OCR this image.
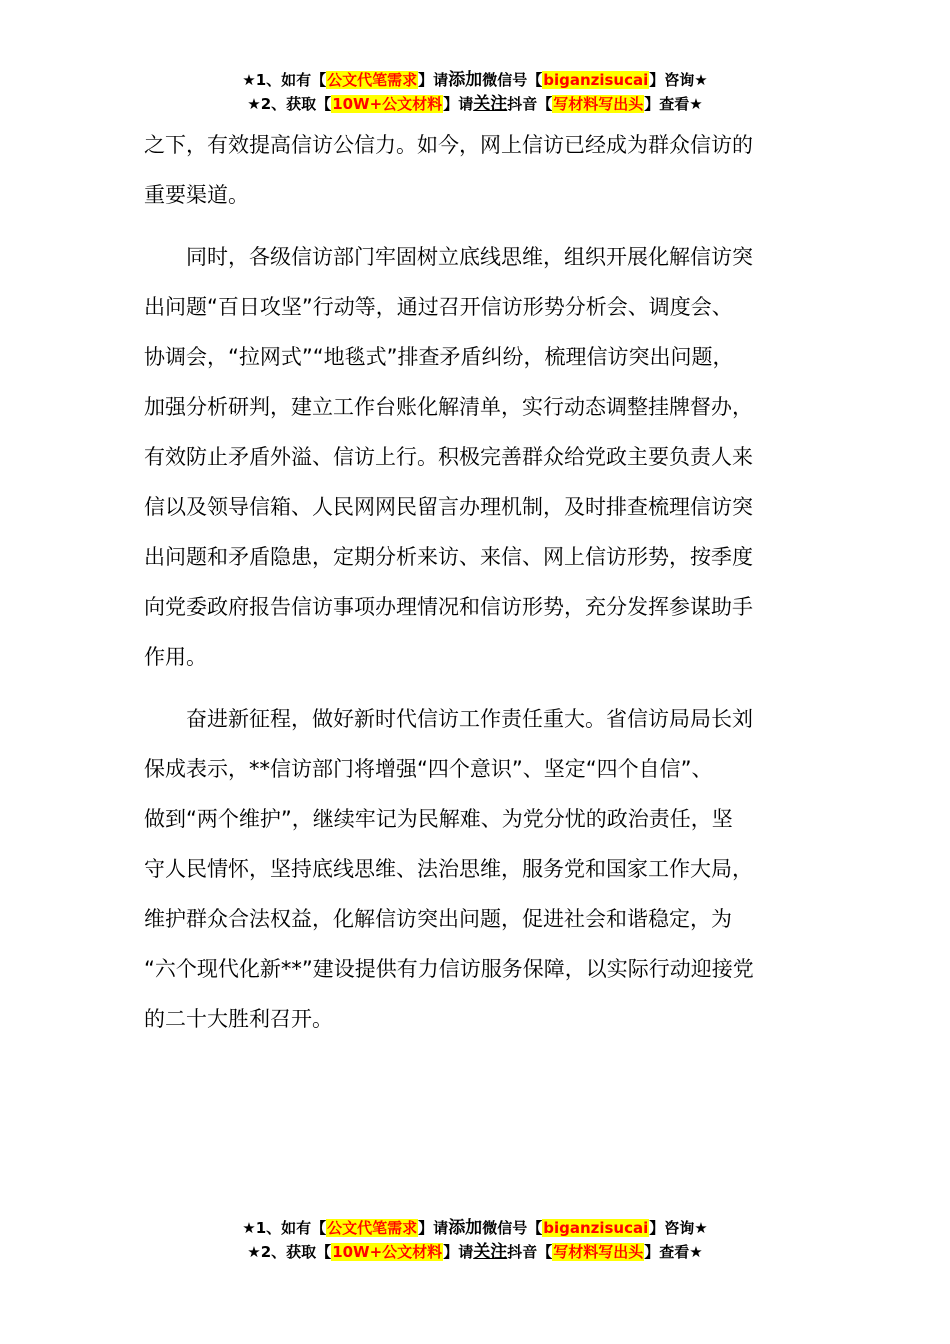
★1、如有【公文代笔需求】请添加微信号【biganzisucai】咨询★
★2、获取【10W+公文材料】请关注抖音【写材料写出头】查看★
之下，有效提高信访公信力。如今，网上信访已经成为群众信访的
重要渠道。
　　同时，各级信访部门牢固树立底线思维，组织开展化解信访突
出问题“百日攻坚”行动等，通过召开信访形势分析会、调度会、
协调会，“拉网式”“地毯式”排查矛盾纠纷，梳理信访突出问题，
加强分析研判，建立工作台账化解清单，实行动态调整挂牌督办，
有效防止矛盾外溢、信访上行。积极完善群众给党政主要负责人来
信以及领导信箱、人民网网民留言办理机制，及时排查梳理信访突
出问题和矛盾隐患，定期分析来访、来信、网上信访形势，按季度
向党委政府报告信访事项办理情况和信访形势，充分发挥参谋助手
作用。
　　奋进新征程，做好新时代信访工作责任重大。省信访局局长刘
保成表示，**信访部门将增强“四个意识”、坚定“四个自信”、
做到“两个维护”，继续牢记为民解难、为党分忧的政治责任，坚
守人民情怀，坚持底线思维、法治思维，服务党和国家工作大局，
维护群众合法权益，化解信访突出问题，促进社会和谐稳定，为
“六个现代化新**”建设提供有力信访服务保障，以实际行动迎接党
的二十大胜利召开。
★1、如有【公文代笔需求】请添加微信号【biganzisucai】咨询★
★2、获取【10W+公文材料】请关注抖音【写材料写出头】查看★
